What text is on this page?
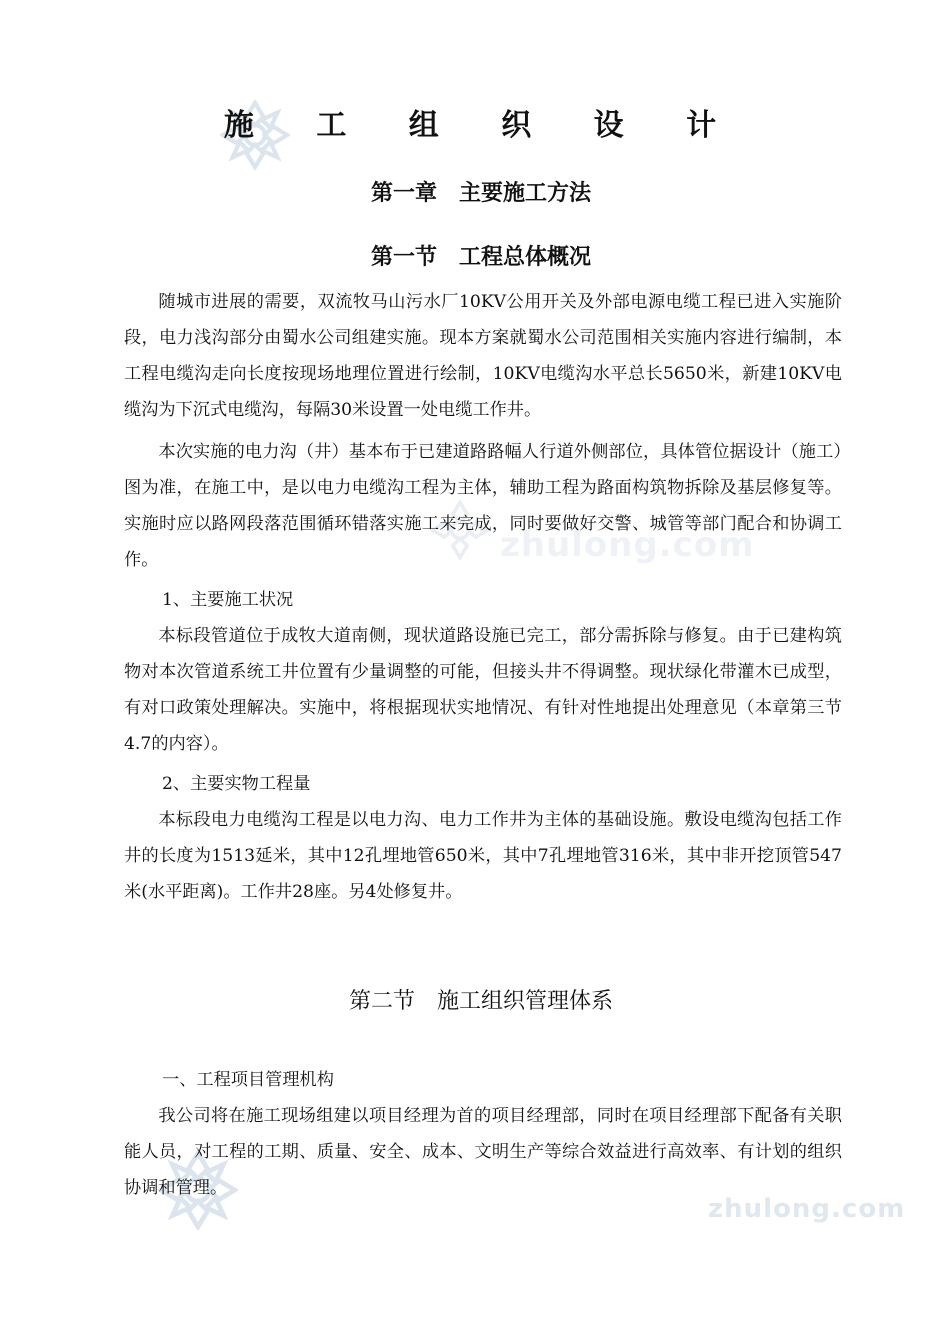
zhulong.com
zhulong.com
施 工 组 织 设 计
第一章　主要施工方法
第一节　工程总体概况

随城市进展的需要，双流牧马山污水厂10KV公用开关及外部电源电缆工程已进入实施阶段，电力浅沟部分由蜀水公司组建实施。现本方案就蜀水公司范围相关实施内容进行编制，本工程电缆沟走向长度按现场地理位置进行绘制，10KV电缆沟水平总长5650米，新建10KV电缆沟为下沉式电缆沟，每隔30米设置一处电缆工作井。

本次实施的电力沟（井）基本布于已建道路路幅人行道外侧部位，具体管位据设计（施工）图为准，在施工中，是以电力电缆沟工程为主体，辅助工程为路面构筑物拆除及基层修复等。实施时应以路网段落范围循环错落实施工来完成，同时要做好交警、城管等部门配合和协调工作。

1、主要施工状况

本标段管道位于成牧大道南侧，现状道路设施已完工，部分需拆除与修复。由于已建构筑物对本次管道系统工井位置有少量调整的可能，但接头井不得调整。现状绿化带灌木已成型，有对口政策处理解决。实施中，将根据现状实地情况、有针对性地提出处理意见（本章第三节4.7的内容）。

2、主要实物工程量

本标段电力电缆沟工程是以电力沟、电力工作井为主体的基础设施。敷设电缆沟包括工作井的长度为1513延米，其中12孔埋地管650米，其中7孔埋地管316米，其中非开挖顶管547米(水平距离)。工作井28座。另4处修复井。

第二节　施工组织管理体系

一、工程项目管理机构

我公司将在施工现场组建以项目经理为首的项目经理部，同时在项目经理部下配备有关职能人员，对工程的工期、质量、安全、成本、文明生产等综合效益进行高效率、有计划的组织协调和管理。
